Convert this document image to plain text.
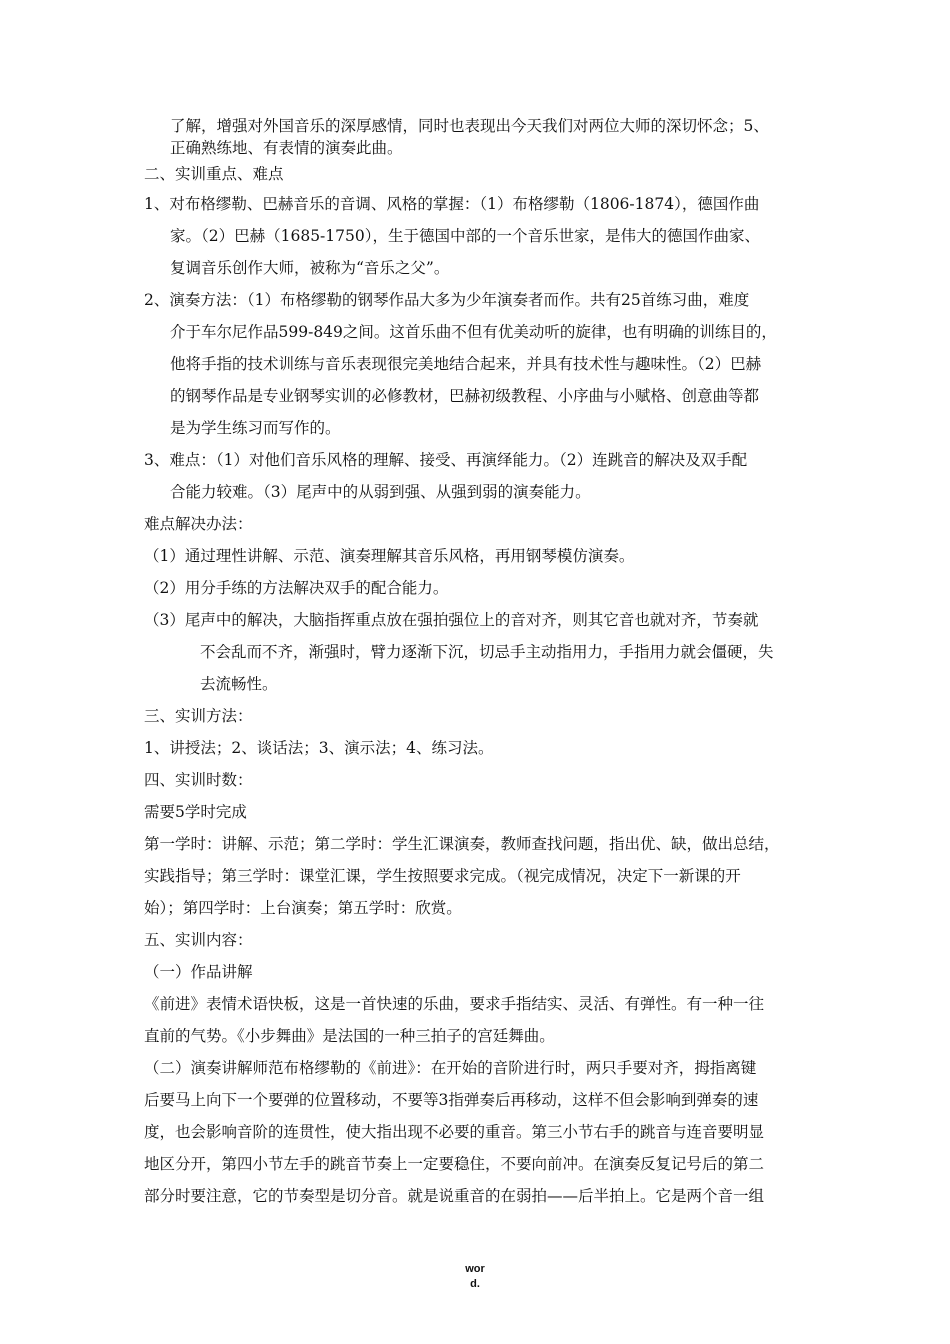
了解，增强对外国音乐的深厚感情，同时也表现出今天我们对两位大师的深切怀念；5、
正确熟练地、有表情的演奏此曲。
二、实训重点、难点
1、对布格缪勒、巴赫音乐的音调、风格的掌握：（1）布格缪勒（1806-1874），德国作曲
家。（2）巴赫（1685-1750），生于德国中部的一个音乐世家，是伟大的德国作曲家、
复调音乐创作大师，被称为“音乐之父”。
2、演奏方法：（1）布格缪勒的钢琴作品大多为少年演奏者而作。共有25首练习曲，难度
介于车尔尼作品599-849之间。这首乐曲不但有优美动听的旋律，也有明确的训练目的，
他将手指的技术训练与音乐表现很完美地结合起来，并具有技术性与趣味性。（2）巴赫
的钢琴作品是专业钢琴实训的必修教材，巴赫初级教程、小序曲与小赋格、创意曲等都
是为学生练习而写作的。
3、难点：（1）对他们音乐风格的理解、接受、再演绎能力。（2）连跳音的解决及双手配
合能力较难。（3）尾声中的从弱到强、从强到弱的演奏能力。
难点解决办法：
（1）通过理性讲解、示范、演奏理解其音乐风格，再用钢琴模仿演奏。
（2）用分手练的方法解决双手的配合能力。
（3）尾声中的解决，大脑指挥重点放在强拍强位上的音对齐，则其它音也就对齐，节奏就
不会乱而不齐，渐强时，臂力逐渐下沉，切忌手主动指用力，手指用力就会僵硬，失
去流畅性。
三、实训方法：
1、讲授法；2、谈话法；3、演示法；4、练习法。
四、实训时数：
需要5学时完成
第一学时：讲解、示范；第二学时：学生汇课演奏，教师查找问题，指出优、缺，做出总结，
实践指导；第三学时：课堂汇课，学生按照要求完成。（视完成情况，决定下一新课的开
始）；第四学时：上台演奏；第五学时：欣赏。
五、实训内容：
（一）作品讲解
《前进》表情术语快板，这是一首快速的乐曲，要求手指结实、灵活、有弹性。有一种一往
直前的气势。《小步舞曲》是法国的一种三拍子的宫廷舞曲。
（二）演奏讲解师范布格缪勒的《前进》：在开始的音阶进行时，两只手要对齐，拇指离键
后要马上向下一个要弹的位置移动，不要等3指弹奏后再移动，这样不但会影响到弹奏的速
度，也会影响音阶的连贯性，使大指出现不必要的重音。第三小节右手的跳音与连音要明显
地区分开，第四小节左手的跳音节奏上一定要稳住，不要向前冲。在演奏反复记号后的第二
部分时要注意，它的节奏型是切分音。就是说重音的在弱拍——后半拍上。它是两个音一组
wor
d.
